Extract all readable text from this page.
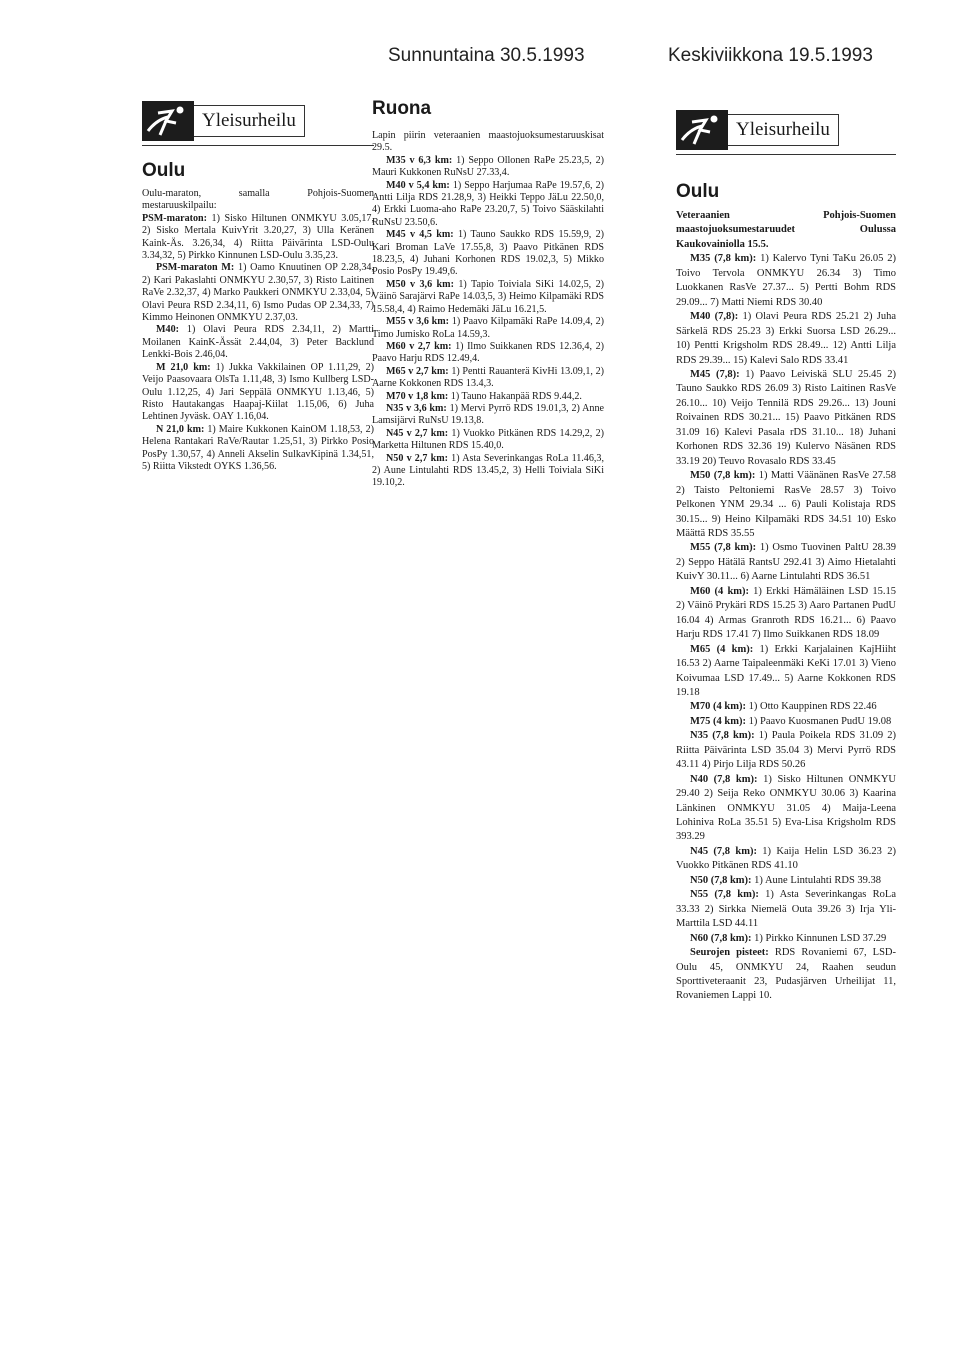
Sunnuntaina 30.5.1993	Keskiviikkona 19.5.1993
Yleisurheilu
Oulu

Oulu-maraton, samalla Pohjois-Suomen mestaruuskilpailu:

PSM-maraton: 1) Sisko Hiltunen ONMKYU 3.05,17, 2) Sisko Mertala KuivYrit 3.20,27, 3) Ulla Keränen Kaink-Äs. 3.26,34, 4) Riitta Päivärinta LSD-Oulu 3.34,32, 5) Pirkko Kinnunen LSD-Oulu 3.35,23.

PSM-maraton M: 1) Oamo Knuutinen OP 2.28,34, 2) Kari Pakaslahti ONMKYU 2.30,57, 3) Risto Laitinen RaVe 2.32,37, 4) Marko Paukkeri ONMKYU 2.33,04, 5) Olavi Peura RSD 2.34,11, 6) Ismo Pudas OP 2.34,33, 7) Kimmo Heinonen ONMKYU 2.37,03.

M40: 1) Olavi Peura RDS 2.34,11, 2) Martti Moilanen KainK-Ässät 2.44,04, 3) Peter Backlund Lenkki-Bois 2.46,04.

M 21,0 km: 1) Jukka Vakkilainen OP 1.11,29, 2) Veijo Paasovaara OlsTa 1.11,48, 3) Ismo Kullberg LSD-Oulu 1.12,25, 4) Jari Seppälä ONMKYU 1.13,46, 5) Risto Hautakangas Haapaj-Kiilat 1.15,06, 6) Juha Lehtinen Jyväsk. OAY 1.16,04.

N 21,0 km: 1) Maire Kukkonen KainOM 1.18,53, 2) Helena Rantakari RaVe/Rautar 1.25,51, 3) Pirkko Posio PosPy 1.30,57, 4) Anneli Akselin SulkavKipinä 1.34,51, 5) Riitta Vikstedt OYKS 1.36,56.

Ruona

Lapin piirin veteraanien maastojuoksumestaruuskisat 29.5.

M35 v 6,3 km: 1) Seppo Ollonen RaPe 25.23,5, 2) Mauri Kukkonen RuNsU 27.33,4.

M40 v 5,4 km: 1) Seppo Harjumaa RaPe 19.57,6, 2) Antti Lilja RDS 21.28,9, 3) Heikki Teppo JäLu 22.50,0, 4) Erkki Luoma-aho RaPe 23.20,7, 5) Toivo Sääskilahti RuNsU 23.50,6.

M45 v 4,5 km: 1) Tauno Saukko RDS 15.59,9, 2) Kari Broman LaVe 17.55,8, 3) Paavo Pitkänen RDS 18.23,5, 4) Juhani Korhonen RDS 19.02,3, 5) Mikko Posio PosPy 19.49,6.

M50 v 3,6 km: 1) Tapio Toiviala SiKi 14.02,5, 2) Väinö Sarajärvi RaPe 14.03,5, 3) Heimo Kilpamäki RDS 15.58,4, 4) Raimo Hedemäki JäLu 16.21,5.

M55 v 3,6 km: 1) Paavo Kilpamäki RaPe 14.09,4, 2) Timo Jumisko RoLa 14.59,3.

M60 v 2,7 km: 1) Ilmo Suikkanen RDS 12.36,4, 2) Paavo Harju RDS 12.49,4.

M65 v 2,7 km: 1) Pentti Rauanterä KivHi 13.09,1, 2) Aarne Kokkonen RDS 13.4,3.

M70 v 1,8 km: 1) Tauno Hakanpää RDS 9.44,2.

N35 v 3,6 km: 1) Mervi Pyrrö RDS 19.01,3, 2) Anne Lamsijärvi RuNsU 19.13,8.

N45 v 2,7 km: 1) Vuokko Pitkänen RDS 14.29,2, 2) Marketta Hiltunen RDS 15.40,0.

N50 v 2,7 km: 1) Asta Severinkangas RoLa 11.46,3, 2) Aune Lintulahti RDS 13.45,2, 3) Helli Toiviala SiKi 19.10,2.

Yleisurheilu
Oulu

Veteraanien Pohjois-Suomen maastojuoksumestaruudet Oulussa Kaukovainiolla 15.5.

M35 (7,8 km): 1) Kalervo Tyni TaKu 26.05 2) Toivo Tervola ONMKYU 26.34 3) Timo Luokkanen RasVe 27.37... 5) Pertti Bohm RDS 29.09... 7) Matti Niemi RDS 30.40

M40 (7,8): 1) Olavi Peura RDS 25.21 2) Juha Särkelä RDS 25.23 3) Erkki Suorsa LSD 26.29... 10) Pentti Krigsholm RDS 28.49... 12) Antti Lilja RDS 29.39... 15) Kalevi Salo RDS 33.41

M45 (7,8): 1) Paavo Leiviskä SLU 25.45 2) Tauno Saukko RDS 26.09 3) Risto Laitinen RasVe 26.10... 10) Veijo Tennilä RDS 29.26... 13) Jouni Roivainen RDS 30.21... 15) Paavo Pitkänen RDS 31.09 16) Kalevi Pasala rDS 31.10... 18) Juhani Korhonen RDS 32.36 19) Kulervo Näsänen RDS 33.19 20) Teuvo Rovasalo RDS 33.45

M50 (7,8 km): 1) Matti Väänänen RasVe 27.58 2) Taisto Peltoniemi RasVe 28.57 3) Toivo Pelkonen YNM 29.34 ... 6) Pauli Kolistaja RDS 30.15... 9) Heino Kilpamäki RDS 34.51 10) Esko Määttä RDS 35.55

M55 (7,8 km): 1) Osmo Tuovinen PaltU 28.39 2) Seppo Hätälä RantsU 292.41 3) Aimo Hietalahti KuivY 30.11... 6) Aarne Lintulahti RDS 36.51

M60 (4 km): 1) Erkki Hämäläinen LSD 15.15 2) Väinö Prykäri RDS 15.25 3) Aaro Partanen PudU 16.04 4) Armas Granroth RDS 16.21... 6) Paavo Harju RDS 17.41 7) Ilmo Suikkanen RDS 18.09

M65 (4 km): 1) Erkki Karjalainen KajHiiht 16.53 2) Aarne Taipaleenmäki KeKi 17.01 3) Vieno Koivumaa LSD 17.49... 5) Aarne Kokkonen RDS 19.18

M70 (4 km): 1) Otto Kauppinen RDS 22.46

M75 (4 km): 1) Paavo Kuosmanen PudU 19.08

N35 (7,8 km): 1) Paula Poikela RDS 31.09 2) Riitta Päivärinta LSD 35.04 3) Mervi Pyrrö RDS 43.11 4) Pirjo Lilja RDS 50.26

N40 (7,8 km): 1) Sisko Hiltunen ONMKYU 29.40 2) Seija Reko ONMKYU 30.06 3) Kaarina Länkinen ONMKYU 31.05 4) Maija-Leena Lohiniva RoLa 35.51 5) Eva-Lisa Krigsholm RDS 393.29

N45 (7,8 km): 1) Kaija Helin LSD 36.23 2) Vuokko Pitkänen RDS 41.10

N50 (7,8 km): 1) Aune Lintulahti RDS 39.38

N55 (7,8 km): 1) Asta Severinkangas RoLa 33.33 2) Sirkka Niemelä Outa 39.26 3) Irja Yli-Marttila LSD 44.11

N60 (7,8 km): 1) Pirkko Kinnunen LSD 37.29

Seurojen pisteet: RDS Rovaniemi 67, LSD-Oulu 45, ONMKYU 24, Raahen seudun Sporttiveteraanit 23, Pudasjärven Urheilijat 11, Rovaniemen Lappi 10.
